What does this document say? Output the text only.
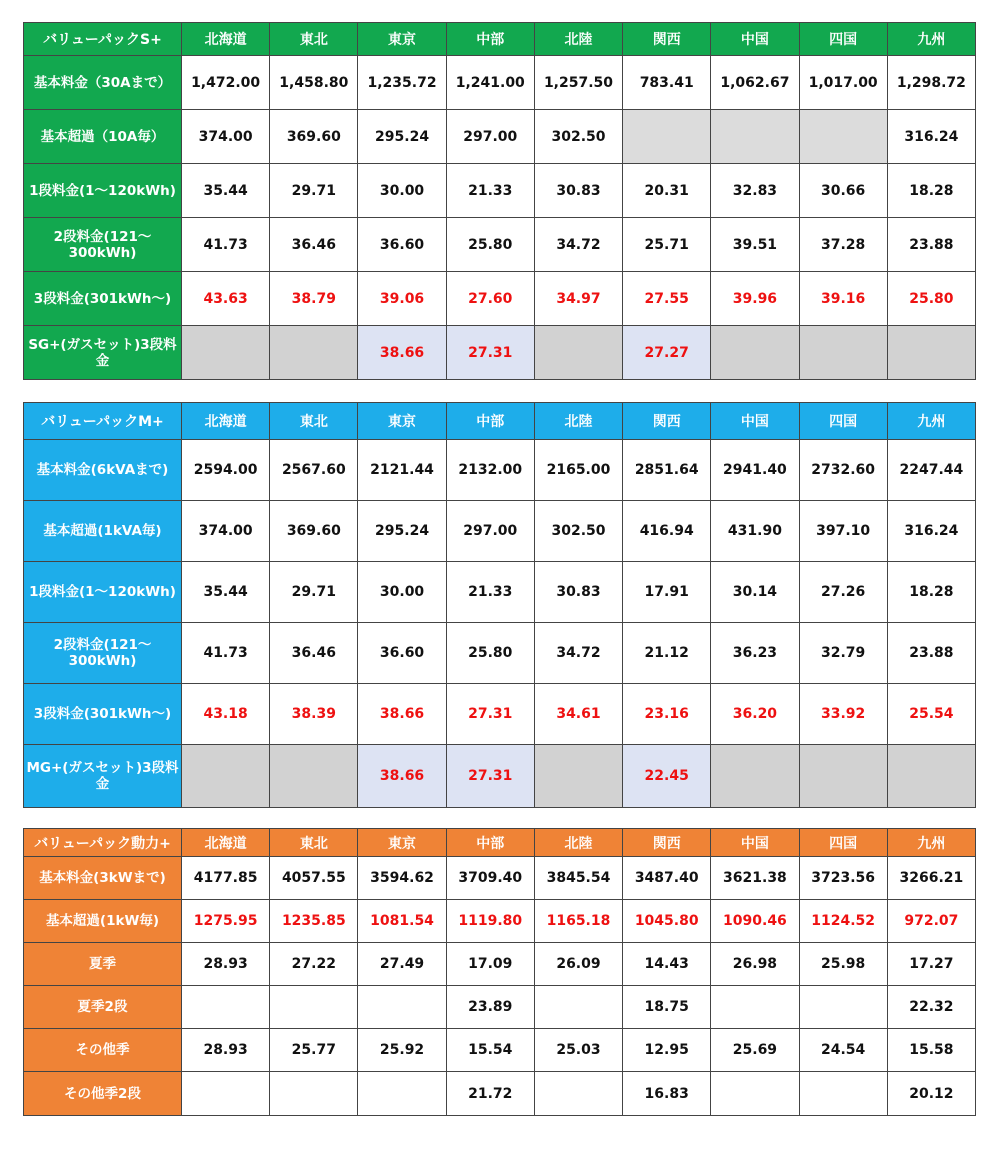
バリューパックS+	北海道	東北	東京	中部	北陸	関西	中国	四国	九州
基本料金（30Aまで）	1,472.00	1,458.80	1,235.72	1,241.00	1,257.50	783.41	1,062.67	1,017.00	1,298.72
基本超過（10A毎）	374.00	369.60	295.24	297.00	302.50				316.24
1段料金(1～120kWh)	35.44	29.71	30.00	21.33	30.83	20.31	32.83	30.66	18.28
2段料金(121～300kWh)	41.73	36.46	36.60	25.80	34.72	25.71	39.51	37.28	23.88
3段料金(301kWh～)	43.63	38.79	39.06	27.60	34.97	27.55	39.96	39.16	25.80
SG+(ガスセット)3段料金			38.66	27.31		27.27			
バリューパックM+	北海道	東北	東京	中部	北陸	関西	中国	四国	九州
基本料金(6kVAまで)	2594.00	2567.60	2121.44	2132.00	2165.00	2851.64	2941.40	2732.60	2247.44
基本超過(1kVA毎)	374.00	369.60	295.24	297.00	302.50	416.94	431.90	397.10	316.24
1段料金(1～120kWh)	35.44	29.71	30.00	21.33	30.83	17.91	30.14	27.26	18.28
2段料金(121～300kWh)	41.73	36.46	36.60	25.80	34.72	21.12	36.23	32.79	23.88
3段料金(301kWh～)	43.18	38.39	38.66	27.31	34.61	23.16	36.20	33.92	25.54
MG+(ガスセット)3段料金			38.66	27.31		22.45			
バリューパック動力+	北海道	東北	東京	中部	北陸	関西	中国	四国	九州
基本料金(3kWまで)	4177.85	4057.55	3594.62	3709.40	3845.54	3487.40	3621.38	3723.56	3266.21
基本超過(1kW毎)	1275.95	1235.85	1081.54	1119.80	1165.18	1045.80	1090.46	1124.52	972.07
夏季	28.93	27.22	27.49	17.09	26.09	14.43	26.98	25.98	17.27
夏季2段				23.89		18.75			22.32
その他季	28.93	25.77	25.92	15.54	25.03	12.95	25.69	24.54	15.58
その他季2段				21.72		16.83			20.12
